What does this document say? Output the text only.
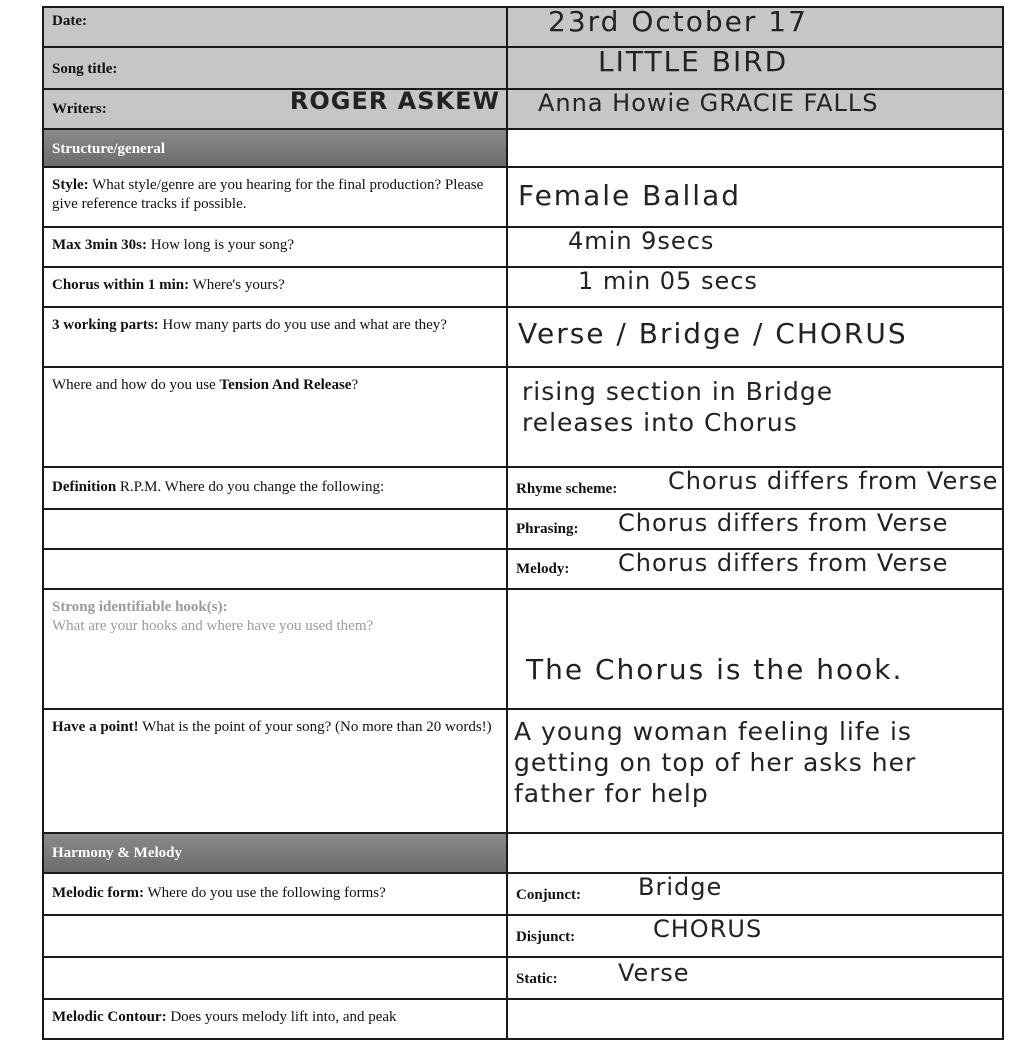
Date:	23rd October 17

Song title:	LITTLE BIRD

Writers: ROGER ASKEW	Anna Howie GRACIE FALLS

Structure/general	
Style: What style/genre are you hearing for the final production? Please give reference tracks if possible.	Female Ballad

Max 3min 30s: How long is your song?	4min 9secs

Chorus within 1 min: Where's yours?	1 min 05 secs

3 working parts: How many parts do you use and what are they?	Verse / Bridge / CHORUS

Where and how do you use Tension And Release?	rising section in Bridge releases into Chorus

Definition R.P.M. Where do you change the following:	Rhyme scheme: Chorus differs from Verse

	Phrasing: Chorus differs from Verse

	Melody: Chorus differs from Verse

Strong identifiable hook(s):
What are your hooks and where have you used them?	The Chorus is the hook.

Have a point! What is the point of your song? (No more than 20 words!)	A young woman feeling life is getting on top of her asks her father for help

Harmony & Melody	
Melodic form: Where do you use the following forms?	Conjunct: Bridge

	Disjunct: CHORUS

	Static: Verse

Melodic Contour: Does yours melody lift into, and peak	
